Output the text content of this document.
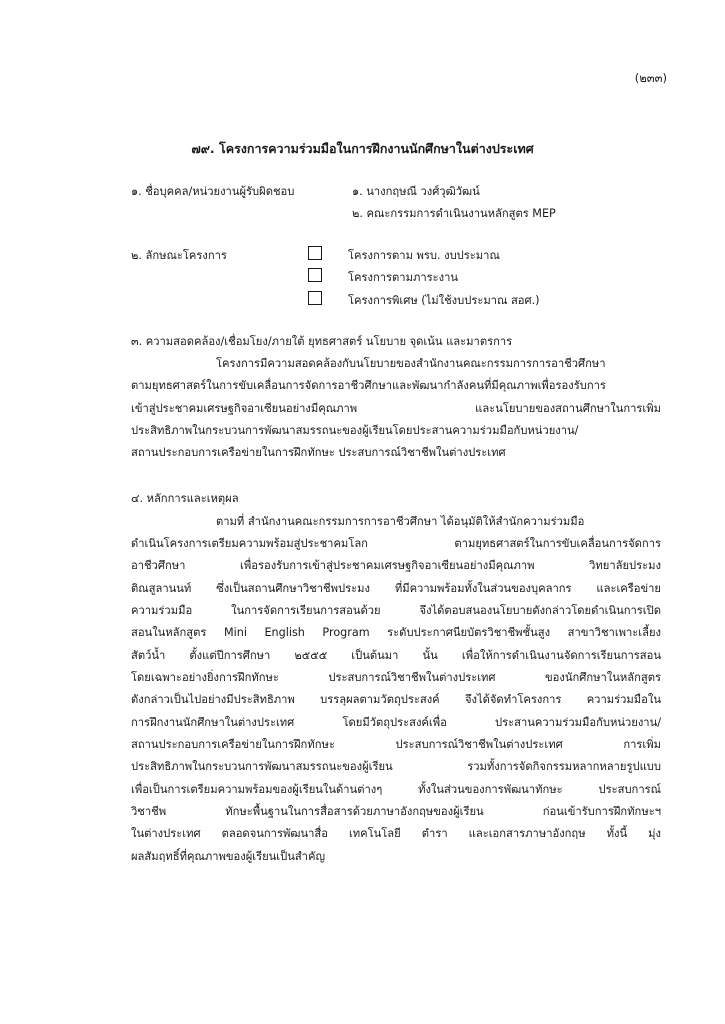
(๒๓๓)
๗๙. โครงการความร่วมมือในการฝึกงานนักศึกษาในต่างประเทศ
๑. ชื่อบุคคล/หน่วยงานผู้รับผิดชอบ	๑. นางกฤษณี วงศ์วุฒิวัฒน์
๒. คณะกรรมการดำเนินงานหลักสูตร MEP
๒. ลักษณะโครงการ	โครงการตาม พรบ. งบประมาณ
โครงการตามภาระงาน
โครงการพิเศษ (ไม่ใช้งบประมาณ สอศ.)
๓. ความสอดคล้อง/เชื่อมโยง/ภายใต้ ยุทธศาสตร์ นโยบาย จุดเน้น และมาตรการ
โครงการมีความสอดคล้องกับนโยบายของสำนักงานคณะกรรมการการอาชีวศึกษา
ตามยุทธศาสตร์ในการขับเคลื่อนการจัดการอาชีวศึกษาและพัฒนากำลังคนที่มีคุณภาพเพื่อรองรับการ
เข้าสู่ประชาคมเศรษฐกิจอาเซียนอย่างมีคุณภาพ และนโยบายของสถานศึกษาในการเพิ่ม
ประสิทธิภาพในกระบวนการพัฒนาสมรรถนะของผู้เรียนโดยประสานความร่วมมือกับหน่วยงาน/
สถานประกอบการเครือข่ายในการฝึกทักษะ ประสบการณ์วิชาชีพในต่างประเทศ
๔. หลักการและเหตุผล
ตามที่ สำนักงานคณะกรรมการการอาชีวศึกษา ได้อนุมัติให้สำนักความร่วมมือ
ดำเนินโครงการเตรียมความพร้อมสู่ประชาคมโลก ตามยุทธศาสตร์ในการขับเคลื่อนการจัดการ
อาชีวศึกษา เพื่อรองรับการเข้าสู่ประชาคมเศรษฐกิจอาเซียนอย่างมีคุณภาพ วิทยาลัยประมง
ติณสูลานนท์ ซึ่งเป็นสถานศึกษาวิชาชีพประมง ที่มีความพร้อมทั้งในส่วนของบุคลากร และเครือข่าย
ความร่วมมือ ในการจัดการเรียนการสอนด้วย จึงได้ตอบสนองนโยบายดังกล่าวโดยดำเนินการเปิด
สอนในหลักสูตร Mini English Program ระดับประกาศนียบัตรวิชาชีพชั้นสูง สาขาวิชาเพาะเลี้ยง
สัตว์น้ำ ตั้งแต่ปีการศึกษา ๒๕๕๕ เป็นต้นมา นั้น เพื่อให้การดำเนินงานจัดการเรียนการสอน
โดยเฉพาะอย่างยิ่งการฝึกทักษะ ประสบการณ์วิชาชีพในต่างประเทศ ของนักศึกษาในหลักสูตร
ดังกล่าวเป็นไปอย่างมีประสิทธิภาพ บรรลุผลตามวัตถุประสงค์ จึงได้จัดทำโครงการ ความร่วมมือใน
การฝึกงานนักศึกษาในต่างประเทศ โดยมีวัตถุประสงค์เพื่อ ประสานความร่วมมือกับหน่วยงาน/
สถานประกอบการเครือข่ายในการฝึกทักษะ ประสบการณ์วิชาชีพในต่างประเทศ การเพิ่ม
ประสิทธิภาพในกระบวนการพัฒนาสมรรถนะของผู้เรียน รวมทั้งการจัดกิจกรรมหลากหลายรูปแบบ
เพื่อเป็นการเตรียมความพร้อมของผู้เรียนในด้านต่างๆ ทั้งในส่วนของการพัฒนาทักษะ ประสบการณ์
วิชาชีพ ทักษะพื้นฐานในการสื่อสารด้วยภาษาอังกฤษของผู้เรียน ก่อนเข้ารับการฝึกทักษะฯ
ในต่างประเทศ ตลอดจนการพัฒนาสื่อ เทคโนโลยี ตำรา และเอกสารภาษาอังกฤษ ทั้งนี้ มุ่ง
ผลสัมฤทธิ์ที่คุณภาพของผู้เรียนเป็นสำคัญ
